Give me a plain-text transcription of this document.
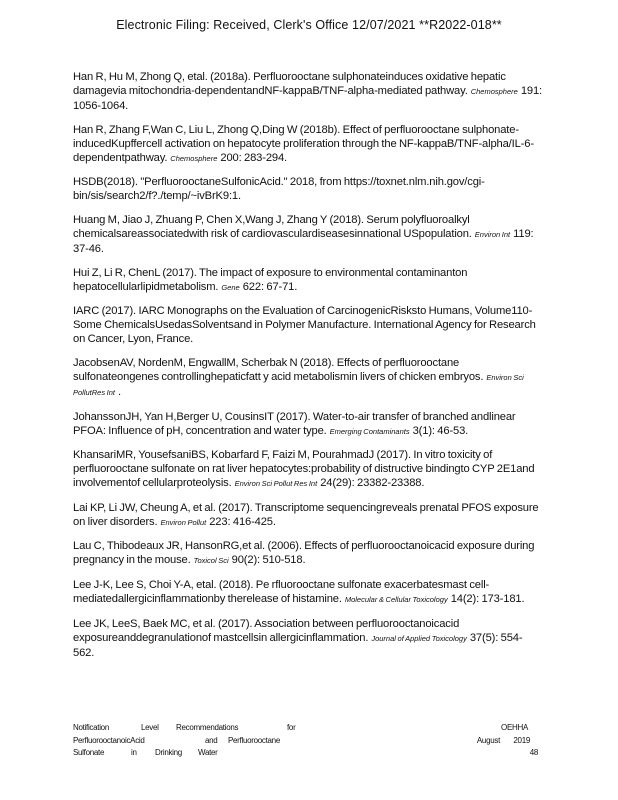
Electronic Filing: Received, Clerk's Office 12/07/2021 **R2022-018**

Han R, Hu M, Zhong Q, etal. (2018a). Perfluorooctane sulphonateinduces oxidative hepatic damagevia mitochondria-dependentandNF-kappaB/TNF-alpha-mediated pathway. Chemosphere 191: 1056-1064.

Han R, Zhang F,Wan C, Liu L, Zhong Q,Ding W (2018b). Effect of perfluorooctane sulphonate-inducedKupffercell activation on hepatocyte proliferation through the NF-kappaB/TNF-alpha/IL-6-dependentpathway. Chemosphere 200: 283-294.

HSDB(2018). "PerfluorooctaneSulfonicAcid." 2018, from https://toxnet.nlm.nih.gov/cgi-bin/sis/search2/f?./temp/~ivBrK9:1.

Huang M, Jiao J, Zhuang P, Chen X,Wang J, Zhang Y (2018). Serum polyfluoroalkyl chemicalsareassociatedwith risk of cardiovasculardiseasesinnational USpopulation. Environ Int 119: 37-46.

Hui Z, Li R, ChenL (2017). The impact of exposure to environmental contaminanton hepatocellularlipidmetabolism. Gene 622: 67-71.

IARC (2017). IARC Monographs on the Evaluation of CarcinogenicRisksto Humans, Volume110-Some ChemicalsUsedasSolventsand in Polymer Manufacture. International Agency for Research on Cancer, Lyon, France.

JacobsenAV, NordenM, EngwallM, Scherbak N (2018). Effects of perfluorooctane sulfonateongenes controllinghepaticfatt y acid metabolismin livers of chicken embryos. Environ Sci PollutRes Int .

JohanssonJH, Yan H,Berger U, CousinsIT (2017). Water-to-air transfer of branched andlinear PFOA: Influence of pH, concentration and water type. Emerging Contaminants 3(1): 46-53.

KhansariMR, YousefsaniBS, Kobarfard F, Faizi M, PourahmadJ (2017). In vitro toxicity of perfluorooctane sulfonate on rat liver hepatocytes:probability of distructive bindingto CYP 2E1and involvementof cellularproteolysis. Environ Sci Pollut Res Int 24(29): 23382-23388.

Lai KP, Li JW, Cheung A, et al. (2017). Transcriptome sequencingreveals prenatal PFOS exposure on liver disorders. Environ Pollut 223: 416-425.

Lau C, Thibodeaux JR, HansonRG,et al. (2006). Effects of perfluorooctanoicacid exposure during pregnancy in the mouse. Toxicol Sci 90(2): 510-518.

Lee J-K, Lee S, Choi Y-A, etal. (2018). Pe rfluorooctane sulfonate exacerbatesmast cell-mediatedallergicinflammationby therelease of histamine. Molecular & Cellular Toxicology 14(2): 173-181.

Lee JK, LeeS, Baek MC, et al. (2017). Association between perfluorooctanoicacid exposureanddegranulationof mastcellsin allergicinflammation. Journal of Applied Toxicology 37(5): 554-562.

Notification	Level Recommendations	for
PerfluorooctanoicAcid	and Perfluorooctane
Sulfonate	in Drinking Water
OEHHA
August 2019
48
